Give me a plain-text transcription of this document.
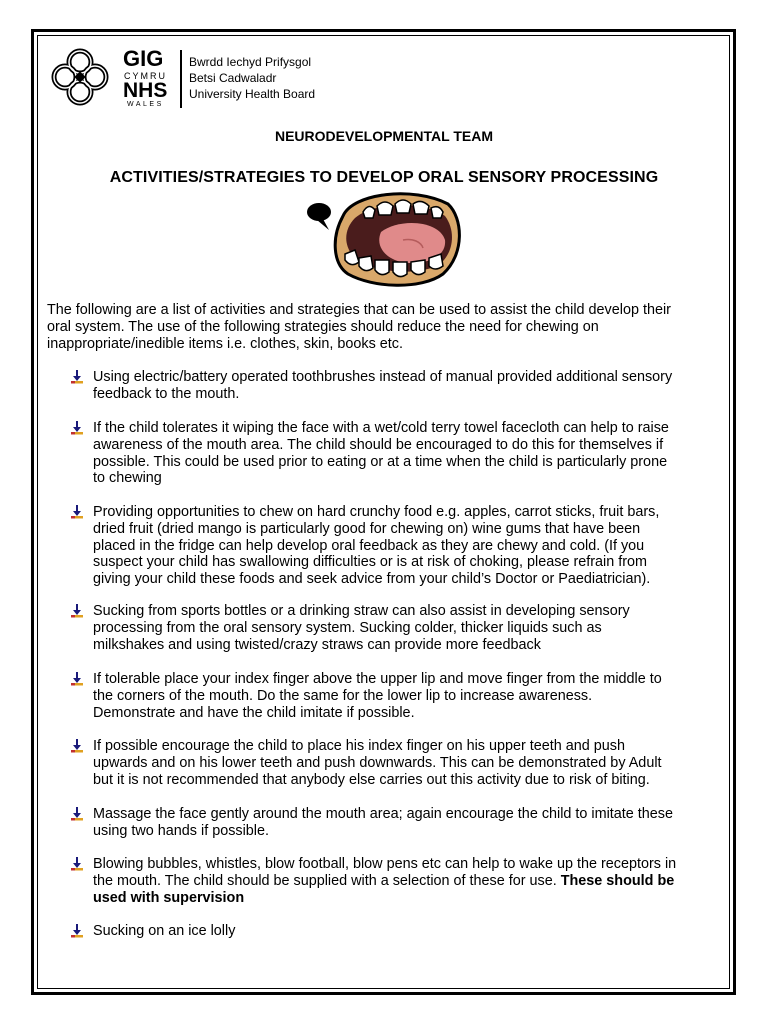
GIG
CYMRU
NHS
WALES
Bwrdd Iechyd Prifysgol
Betsi Cadwaladr
University Health Board
NEURODEVELOPMENTAL TEAM
ACTIVITIES/STRATEGIES TO DEVELOP ORAL SENSORY PROCESSING

The following are a list of activities and strategies that can be used to assist the child develop their

oral system. The use of the following strategies should reduce the need for chewing on

inappropriate/inedible items i.e. clothes, skin, books etc.

Using electric/battery operated toothbrushes instead of manual provided additional sensory
feedback to the mouth.
If the child tolerates it wiping the face with a wet/cold terry towel facecloth can help to raise
awareness of the mouth area. The child should be encouraged to do this for themselves if
possible. This could be used prior to eating or at a time when the child is particularly prone
to chewing
Providing opportunities to chew on hard crunchy food e.g. apples, carrot sticks, fruit bars,
dried fruit (dried mango is particularly good for chewing on) wine gums that have been
placed in the fridge can help develop oral feedback as they are chewy and cold. (If you
suspect your child has swallowing difficulties or is at risk of choking, please refrain from
giving your child these foods and seek advice from your child’s Doctor or Paediatrician).
Sucking from sports bottles or a drinking straw can also assist in developing sensory
processing from the oral sensory system. Sucking colder, thicker liquids such as
milkshakes and using twisted/crazy straws can provide more feedback
If tolerable place your index finger above the upper lip and move finger from the middle to
the corners of the mouth. Do the same for the lower lip to increase awareness.
Demonstrate and have the child imitate if possible.
If possible encourage the child to place his index finger on his upper teeth and push
upwards and on his lower teeth and push downwards. This can be demonstrated by Adult
but it is not recommended that anybody else carries out this activity due to risk of biting.
Massage the face gently around the mouth area; again encourage the child to imitate these
using two hands if possible.
Blowing bubbles, whistles, blow football, blow pens etc can help to wake up the receptors in
the mouth. The child should be supplied with a selection of these for use. These should be
used with supervision
Sucking on an ice lolly
